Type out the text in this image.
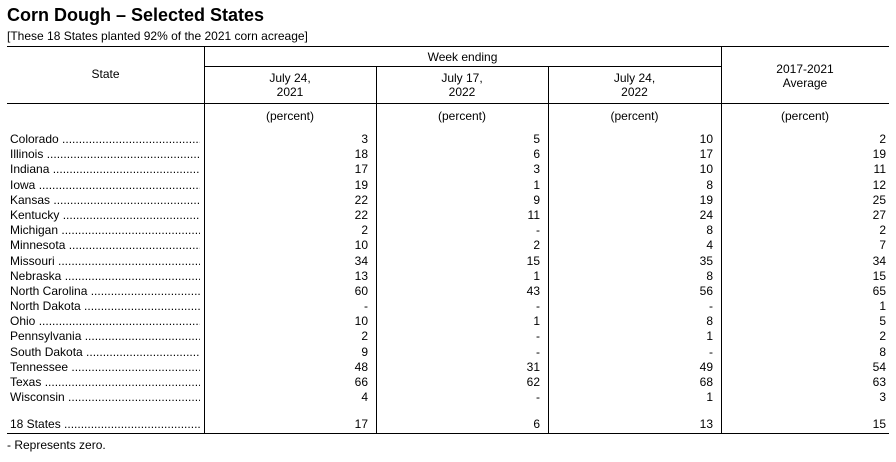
Corn Dough – Selected States
[These 18 States planted 92% of the 2021 corn acreage]
State
Week ending
July 24,
2021
July 17,
2022
July 24,
2022
2017-2021
Average
(percent)	(percent)	(percent)	(percent)
Colorado .....	3	5	10	2
Illinois .....	18	6	17	19
Indiana .....	17	3	10	11
Iowa .....	19	1	8	12
Kansas .....	22	9	19	25
Kentucky .....	22	11	24	27
Michigan .....	2	-	8	2
Minnesota .....	10	2	4	7
Missouri .....	34	15	35	34
Nebraska .....	13	1	8	15
North Carolina .....	60	43	56	65
North Dakota .....	-	-	-	1
Ohio .....	10	1	8	5
Pennsylvania .....	2	-	1	2
South Dakota .....	9	-	-	8
Tennessee .....	48	31	49	54
Texas .....	66	62	68	63
Wisconsin .....	4	-	1	3
18 States .....	17	6	13	15
- Represents zero.
